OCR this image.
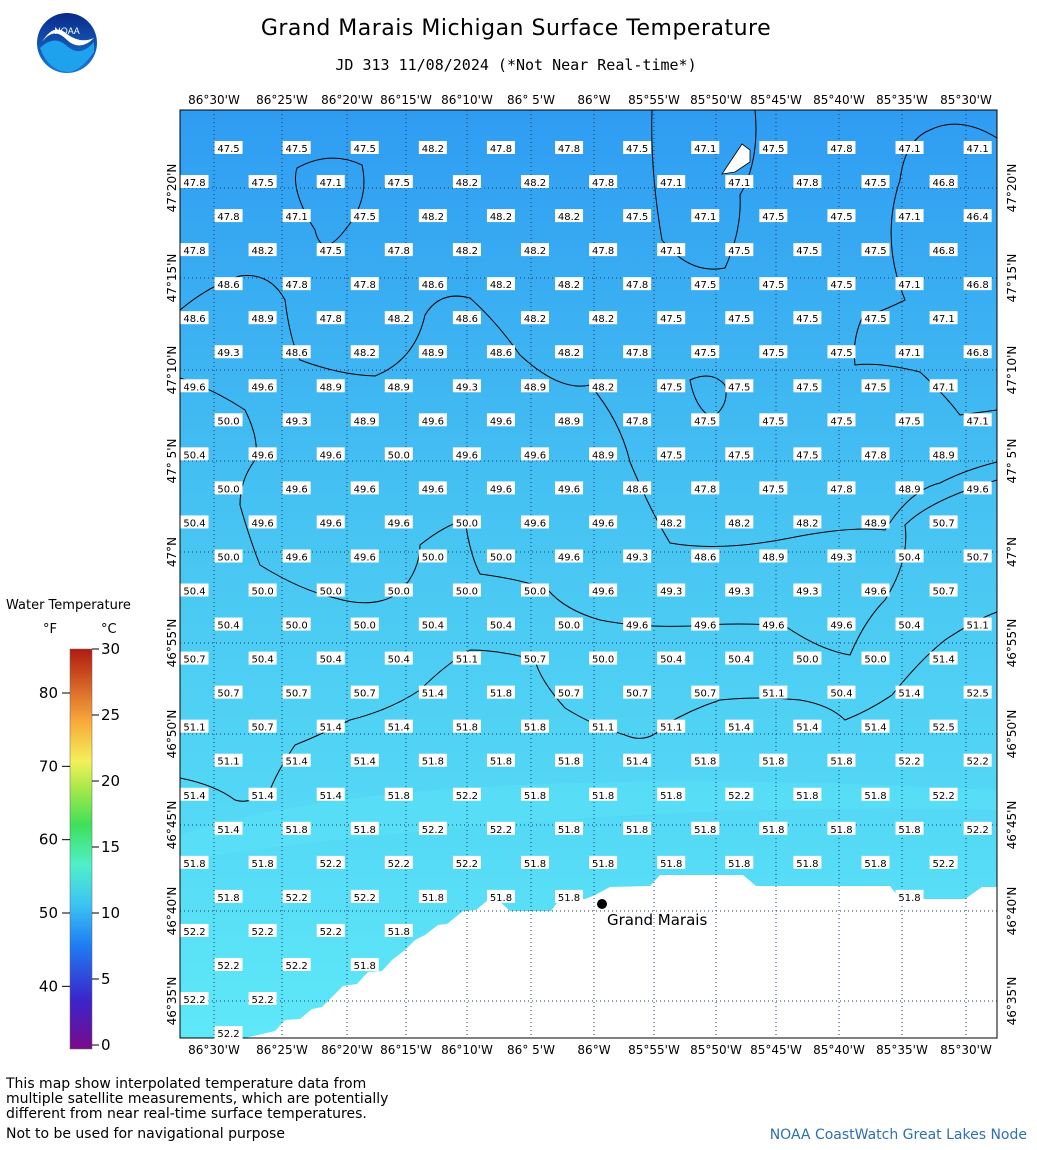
NOAA	Grand Marais Michigan Surface Temperature
JD 313 11/08/2024 (*Not Near Real-time*)
86°30'W 86°25'W 86°20'W 86°15'W 86°10'W 86° 5'W 86°W 85°55'W 85°50'W 85°45'W 85°40'W 85°35'W 85°30'W
86°30'W 86°25'W 86°20'W 86°15'W 86°10'W 86° 5'W 86°W 85°55'W 85°50'W 85°45'W 85°40'W 85°35'W 85°30'W
47°20'N
47°15'N
47°10'N
47° 5'N
47°N
46°55'N
46°50'N
46°45'N
46°40'N
46°35'N
47°20'N
47°15'N
47°10'N
47° 5'N
47°N
46°55'N
46°50'N
46°45'N
46°40'N
46°35'N
47.5	47.5	47.5	48.2	47.8	47.8	47.5	47.1	47.5	47.8	47.1	47.1
47.8	47.5	47.1	47.5	48.2	48.2	47.8	47.1	47.1	47.8	47.5	46.8
47.8	47.1	47.5	48.2	48.2	48.2	47.5	47.1	47.5	47.5	47.1	46.4
47.8	48.2	47.5	47.8	48.2	48.2	47.8	47.1	47.5	47.5	47.5	46.8
48.6	47.8	47.8	48.6	48.2	48.2	47.8	47.5	47.5	47.5	47.1	46.8
48.6	48.9	47.8	48.2	48.6	48.2	48.2	47.5	47.5	47.5	47.5	47.1
49.3	48.6	48.2	48.9	48.6	48.2	47.8	47.5	47.5	47.5	47.1	46.8
49.6	49.6	48.9	48.9	49.3	48.9	48.2	47.5	47.5	47.5	47.5	47.1
50.0	49.3	48.9	49.6	49.6	48.9	47.8	47.5	47.5	47.5	47.5	47.1
50.4	49.6	49.6	50.0	49.6	49.6	48.9	47.5	47.5	47.5	47.8	48.9
50.0	49.6	49.6	49.6	49.6	49.6	48.6	47.8	47.5	47.8	48.9	49.6
50.4	49.6	49.6	49.6	50.0	49.6	49.6	48.2	48.2	48.2	48.9	50.7
50.0	49.6	49.6	50.0	50.0	49.6	49.3	48.6	48.9	49.3	50.4	50.7
50.4	50.0	50.0	50.0	50.0	50.0	49.6	49.3	49.3	49.3	49.6	50.7
50.4	50.0	50.0	50.4	50.4	50.0	49.6	49.6	49.6	49.6	50.4	51.1
50.7	50.4	50.4	50.4	51.1	50.7	50.0	50.4	50.4	50.0	50.0	51.4
50.7	50.7	50.7	51.4	51.8	50.7	50.7	50.7	51.1	50.4	51.4	52.5
51.1	50.7	51.4	51.4	51.8	51.8	51.1	51.1	51.4	51.4	51.4	52.5
51.1	51.4	51.4	51.8	51.8	51.8	51.4	51.8	51.8	51.8	52.2	52.2
51.4	51.4	51.4	51.8	52.2	51.8	51.8	51.8	52.2	51.8	51.8	52.2
51.4	51.8	51.8	52.2	52.2	51.8	51.8	51.8	51.8	51.8	51.8	52.2
51.8	51.8	52.2	52.2	52.2	51.8	51.8	51.8	51.8	51.8	51.8	52.2
51.8	52.2	52.2	51.8	51.8	51.8	51.8
52.2	52.2	52.2	51.8
52.2	52.2	51.8
52.2	52.2
52.2
Grand Marais
80
70
60
50
40
30
25
20
15
10
5
0
Water Temperature
°F	°C
This map show interpolated temperature data from
multiple satellite measurements, which are potentially
different from near real-time surface temperatures.
Not to be used for navigational purpose	NOAA CoastWatch Great Lakes Node
